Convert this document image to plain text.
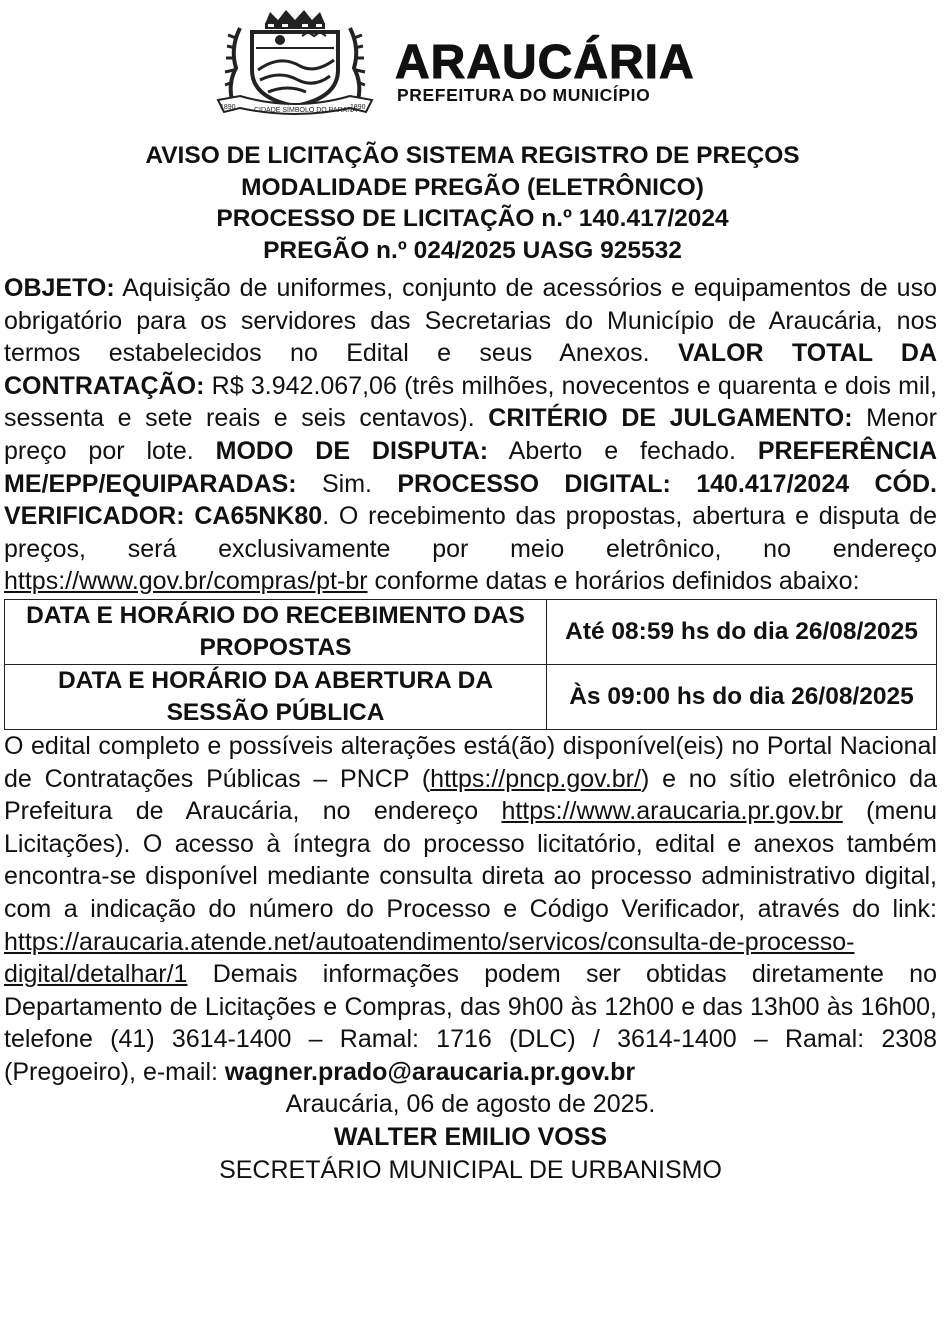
1890	CIDADE SÍMBOLO DO PARANÁ
1890
ARAUCÁRIA
PREFEITURA DO MUNICÍPIO
AVISO DE LICITAÇÃO SISTEMA REGISTRO DE PREÇOS
MODALIDADE PREGÃO (ELETRÔNICO)
PROCESSO DE LICITAÇÃO n.º 140.417/2024
PREGÃO n.º 024/2025 UASG 925532

OBJETO: Aquisição de uniformes, conjunto de acessórios e equipamentos de uso obrigatório para os servidores das Secretarias do Município de Araucária, nos termos estabelecidos no Edital e seus Anexos. VALOR TOTAL DA CONTRATAÇÃO: R$ 3.942.067,06 (três milhões, novecentos e quarenta e dois mil, sessenta e sete reais e seis centavos). CRITÉRIO DE JULGAMENTO: Menor preço por lote. MODO DE DISPUTA: Aberto e fechado. PREFERÊNCIA ME/EPP/EQUIPARADAS: Sim. PROCESSO DIGITAL: 140.417/2024 CÓD. VERIFICADOR: CA65NK80. O recebimento das propostas, abertura e disputa de preços, será exclusivamente por meio eletrônico, no endereço https://www.gov.br/compras/pt-br conforme datas e horários definidos abaixo:

DATA E HORÁRIO DO RECEBIMENTO DAS PROPOSTAS	Até 08:59 hs do dia 26/08/2025
DATA E HORÁRIO DA ABERTURA DA SESSÃO PÚBLICA	Às 09:00 hs do dia 26/08/2025

O edital completo e possíveis alterações está(ão) disponível(eis) no Portal Nacional de Contratações Públicas – PNCP (https://pncp.gov.br/) e no sítio eletrônico da Prefeitura de Araucária, no endereço https://www.araucaria.pr.gov.br (menu Licitações). O acesso à íntegra do processo licitatório, edital e anexos também encontra-se disponível mediante consulta direta ao processo administrativo digital, com a indicação do número do Processo e Código Verificador, através do link: https://araucaria.atende.net/autoatendimento/servicos/consulta-de-processo-digital/detalhar/1 Demais informações podem ser obtidas diretamente no Departamento de Licitações e Compras, das 9h00 às 12h00 e das 13h00 às 16h00, telefone (41) 3614-1400 – Ramal: 1716 (DLC) / 3614-1400 – Ramal: 2308 (Pregoeiro), e-mail: wagner.prado@araucaria.pr.gov.br

Araucária, 06 de agosto de 2025.
WALTER EMILIO VOSS
SECRETÁRIO MUNICIPAL DE URBANISMO
